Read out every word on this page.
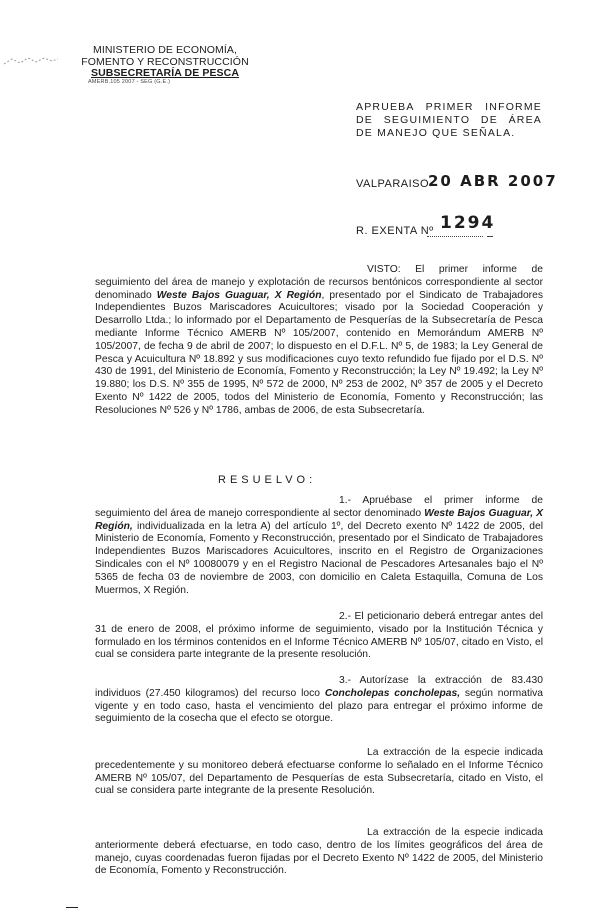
MINISTERIO DE ECONOMÍA,
FOMENTO Y RECONSTRUCCIÓN
SUBSECRETARÍA DE PESCA
AMERB.105 2007 - SEG (G.E.)
APRUEBA PRIMER INFORME DE SEGUIMIENTO DE ÁREA DE MANEJO QUE SEÑALA.
VALPARAISO
20 ABR 2007
R. EXENTA Nº 1294

VISTO: El primer informe de seguimiento del área de manejo y explotación de recursos bentónicos correspondiente al sector denominado Weste Bajos Guaguar, X Región, presentado por el Sindicato de Trabajadores Independientes Buzos Mariscadores Acuicultores; visado por la Sociedad Cooperación y Desarrollo Ltda.; lo informado por el Departamento de Pesquerías de la Subsecretaría de Pesca mediante Informe Técnico AMERB Nº 105/2007, contenido en Memorándum AMERB Nº 105/2007, de fecha 9 de abril de 2007; lo dispuesto en el D.F.L. Nº 5, de 1983; la Ley General de Pesca y Acuicultura Nº 18.892 y sus modificaciones cuyo texto refundido fue fijado por el D.S. Nº 430 de 1991, del Ministerio de Economía, Fomento y Reconstrucción; la Ley Nº 19.492; la Ley Nº 19.880; los D.S. Nº 355 de 1995, Nº 572 de 2000, Nº 253 de 2002, Nº 357 de 2005 y el Decreto Exento Nº 1422 de 2005, todos del Ministerio de Economía, Fomento y Reconstrucción; las Resoluciones Nº 526 y Nº 1786, ambas de 2006, de esta Subsecretaría.

RESUELVO:

1.- Apruébase el primer informe de seguimiento del área de manejo correspondiente al sector denominado Weste Bajos Guaguar, X Región, individualizada en la letra A) del artículo 1º, del Decreto exento Nº 1422 de 2005, del Ministerio de Economía, Fomento y Reconstrucción, presentado por el Sindicato de Trabajadores Independientes Buzos Mariscadores Acuicultores, inscrito en el Registro de Organizaciones Sindicales con el Nº 10080079 y en el Registro Nacional de Pescadores Artesanales bajo el Nº 5365 de fecha 03 de noviembre de 2003, con domicilio en Caleta Estaquilla, Comuna de Los Muermos, X Región.

2.- El peticionario deberá entregar antes del 31 de enero de 2008, el próximo informe de seguimiento, visado por la Institución Técnica y formulado en los términos contenidos en el Informe Técnico AMERB Nº 105/07, citado en Visto, el cual se considera parte integrante de la presente resolución.

3.- Autorízase la extracción de 83.430 individuos (27.450 kilogramos) del recurso loco Concholepas concholepas, según normativa vigente y en todo caso, hasta el vencimiento del plazo para entregar el próximo informe de seguimiento de la cosecha que el efecto se otorgue.

La extracción de la especie indicada precedentemente y su monitoreo deberá efectuarse conforme lo señalado en el Informe Técnico AMERB Nº 105/07, del Departamento de Pesquerías de esta Subsecretaría, citado en Visto, el cual se considera parte integrante de la presente Resolución.

La extracción de la especie indicada anteriormente deberá efectuarse, en todo caso, dentro de los límites geográficos del área de manejo, cuyas coordenadas fueron fijadas por el Decreto Exento Nº 1422 de 2005, del Ministerio de Economía, Fomento y Reconstrucción.
